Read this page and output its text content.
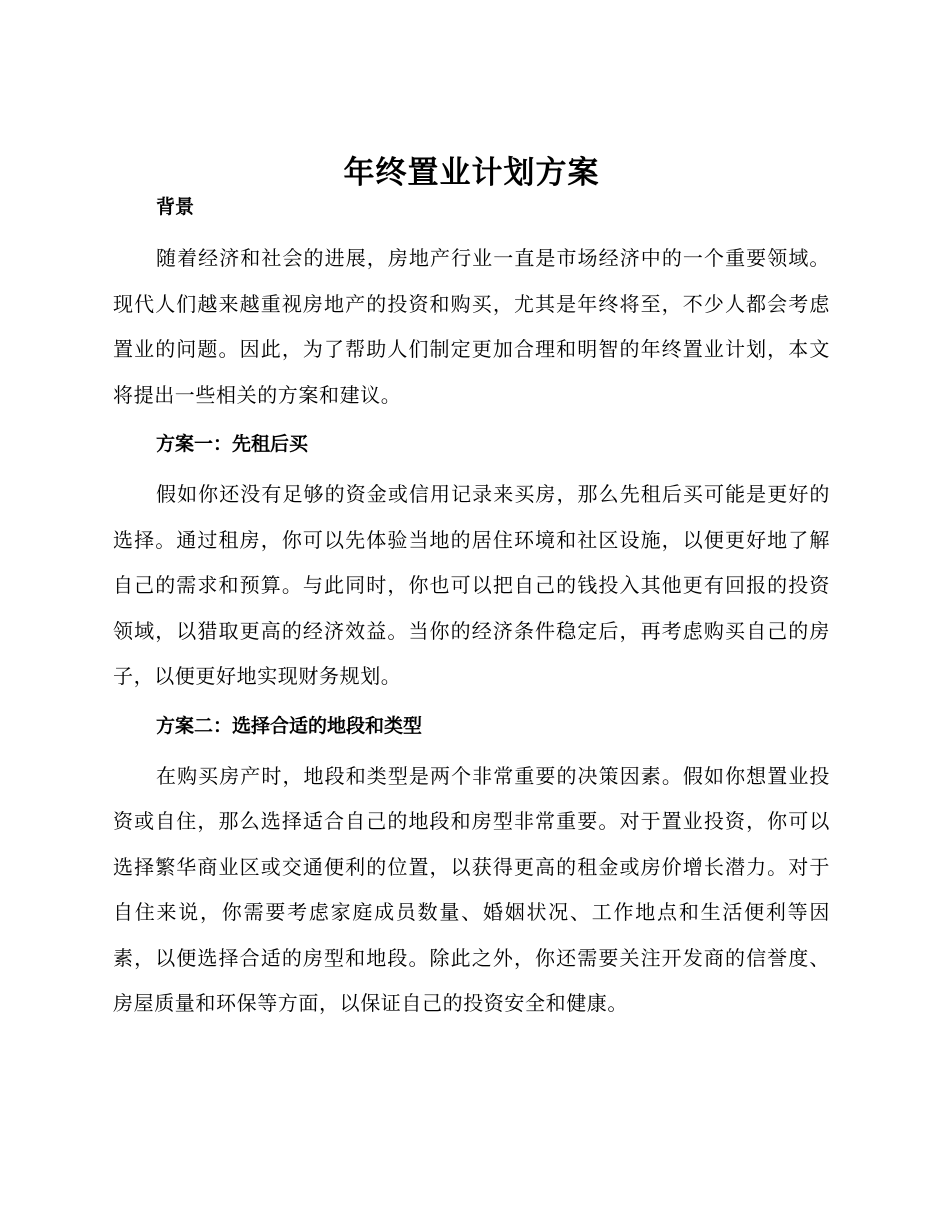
年终置业计划方案
背景

随着经济和社会的进展，房地产行业一直是市场经济中的一个重要领域。现代人们越来越重视房地产的投资和购买，尤其是年终将至，不少人都会考虑置业的问题。因此，为了帮助人们制定更加合理和明智的年终置业计划，本文将提出一些相关的方案和建议。

方案一：先租后买

假如你还没有足够的资金或信用记录来买房，那么先租后买可能是更好的选择。通过租房，你可以先体验当地的居住环境和社区设施，以便更好地了解自己的需求和预算。与此同时，你也可以把自己的钱投入其他更有回报的投资领域，以猎取更高的经济效益。当你的经济条件稳定后，再考虑购买自己的房子，以便更好地实现财务规划。

方案二：选择合适的地段和类型

在购买房产时，地段和类型是两个非常重要的决策因素。假如你想置业投资或自住，那么选择适合自己的地段和房型非常重要。对于置业投资，你可以选择繁华商业区或交通便利的位置，以获得更高的租金或房价增长潜力。对于自住来说，你需要考虑家庭成员数量、婚姻状况、工作地点和生活便利等因素，以便选择合适的房型和地段。除此之外，你还需要关注开发商的信誉度、房屋质量和环保等方面，以保证自己的投资安全和健康。
